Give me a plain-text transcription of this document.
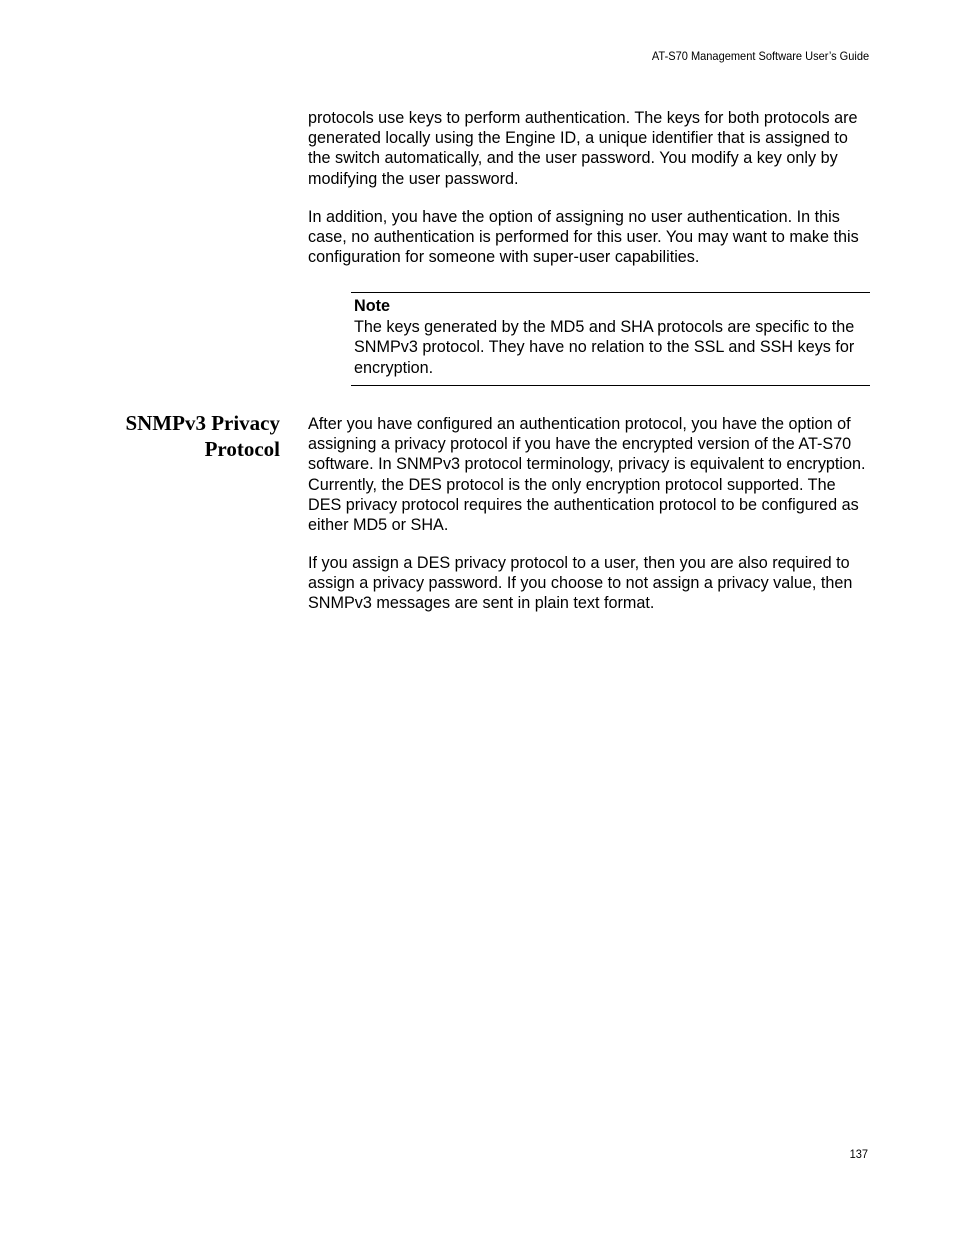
AT-S70 Management Software User’s Guide

protocols use keys to perform authentication. The keys for both protocols are generated locally using the Engine ID, a unique identifier that is assigned to the switch automatically, and the user password. You modify a key only by modifying the user password.

In addition, you have the option of assigning no user authentication. In this case, no authentication is performed for this user. You may want to make this configuration for someone with super-user capabilities.

Note

The keys generated by the MD5 and SHA protocols are specific to the SNMPv3 protocol. They have no relation to the SSL and SSH keys for encryption.

SNMPv3 Privacy
Protocol

After you have configured an authentication protocol, you have the option of assigning a privacy protocol if you have the encrypted version of the AT-S70 software. In SNMPv3 protocol terminology, privacy is equivalent to encryption. Currently, the DES protocol is the only encryption protocol supported. The DES privacy protocol requires the authentication protocol to be configured as either MD5 or SHA.

If you assign a DES privacy protocol to a user, then you are also required to assign a privacy password. If you choose to not assign a privacy value, then SNMPv3 messages are sent in plain text format.

137
